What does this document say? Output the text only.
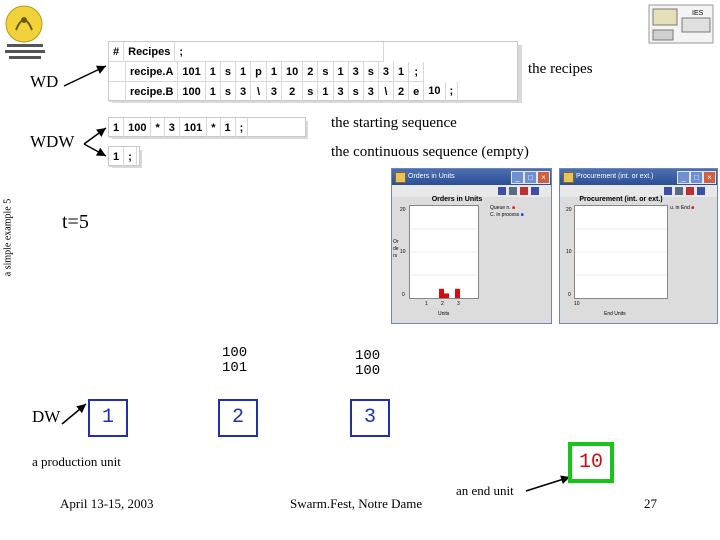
IES
a simple example 5
#	Recipes	;
	recipe.A	101	1	s	1	p	1	10	2	s	1	3	s	3	1	;		
	recipe.B	100	1	s	3	\	3	2	s	1	3	s	3	\	2	e	10	;
1	100	*	3	101	*	1	;
1	;
WD
WDW
DW
the recipes
the starting sequence
the continuous sequence (empty)
t=5
a production unit
an end unit
Orders in Units	_	□	×
Orders in Units
Queue n. ■
C. in process ■
Orders
20
10
0
1	2	3
Units
Procurement (int. or ext.)	_	□	×
Procurement (int. or ext.)
u. in End ■
20
10
0
10
End Units
100
101
100
100
1	2	3
10
April 13-15, 2003	Swarm.Fest, Notre Dame	27
